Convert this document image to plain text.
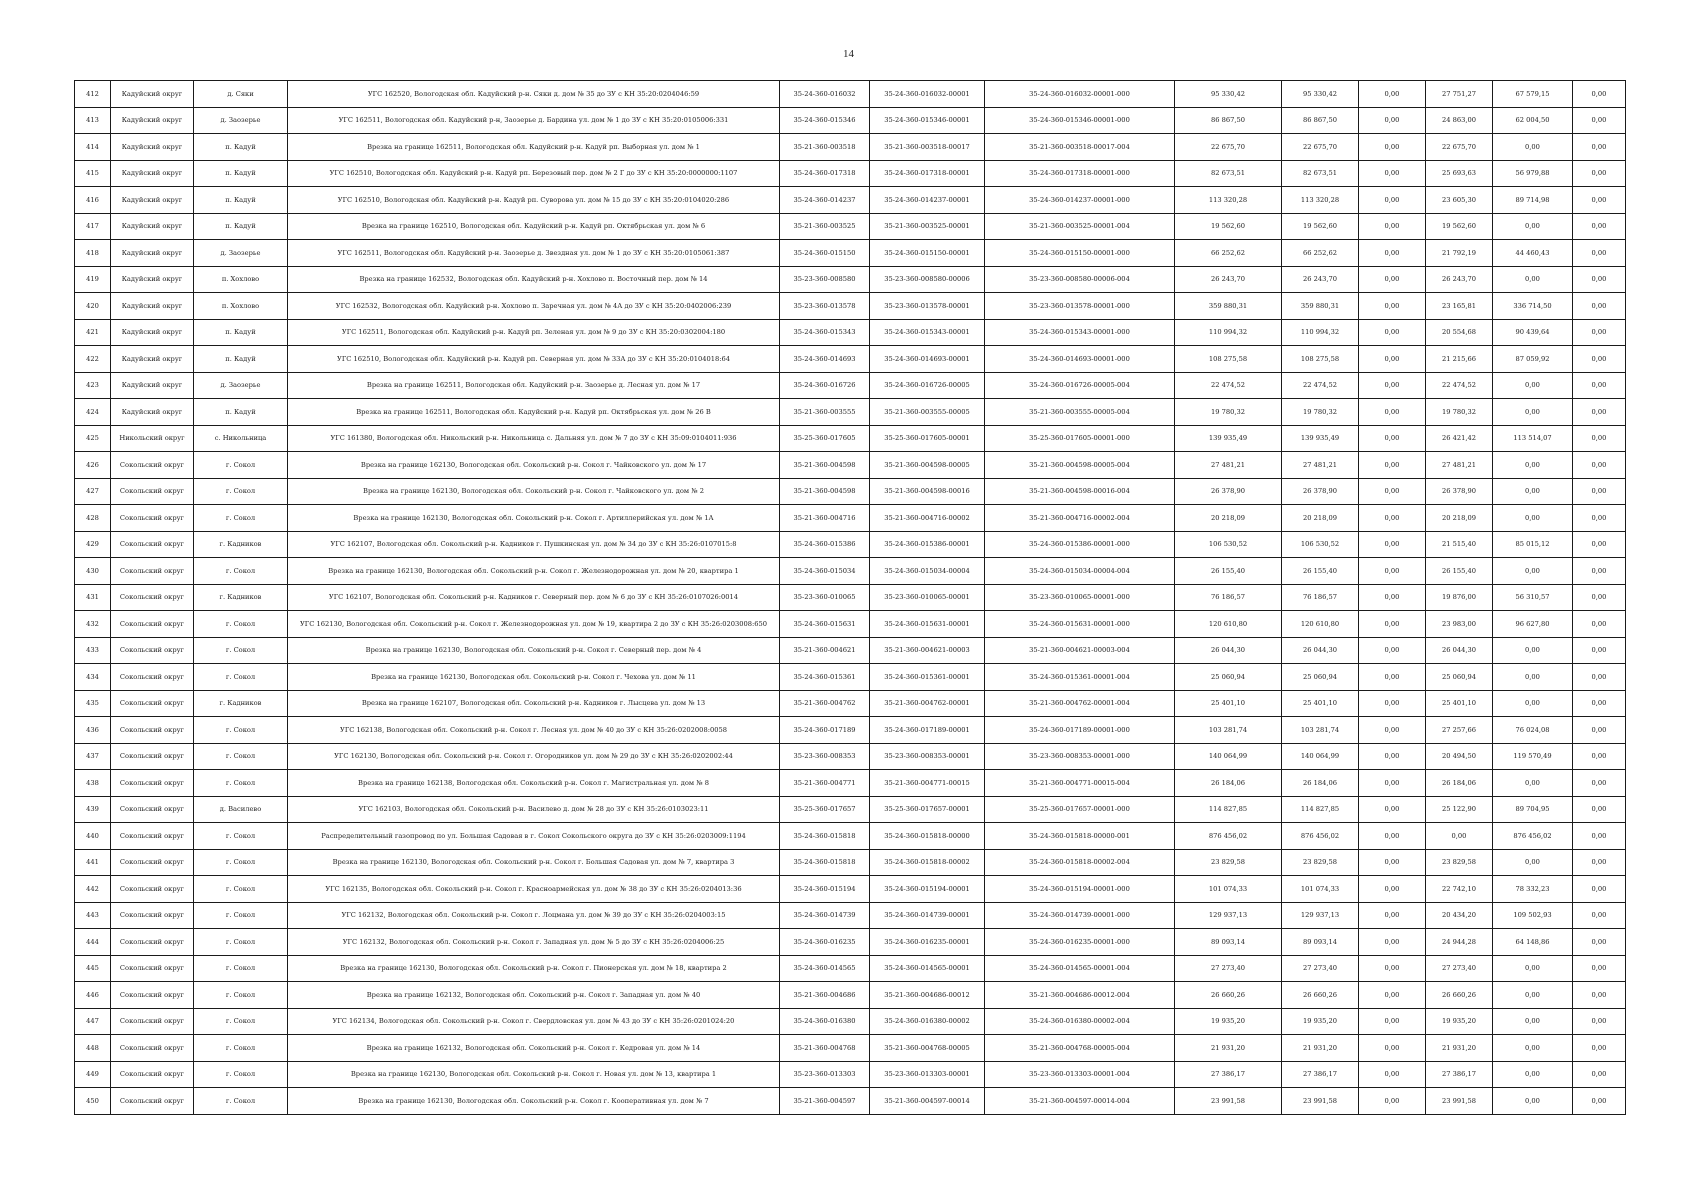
14
412	Кадуйский округ	д. Сяки	УГС 162520, Вологодская обл. Кадуйский р-н. Сяки д. дом № 35 до ЗУ с КН 35:20:0204046:59	35-24-360-016032	35-24-360-016032-00001	35-24-360-016032-00001-000	95 330,42	95 330,42	0,00	27 751,27	67 579,15	0,00
413	Кадуйский округ	д. Заозерье	УГС 162511, Вологодская обл. Кадуйский р-н, Заозерье д. Бардина ул. дом № 1 до ЗУ с КН 35:20:0105006:331	35-24-360-015346	35-24-360-015346-00001	35-24-360-015346-00001-000	86 867,50	86 867,50	0,00	24 863,00	62 004,50	0,00
414	Кадуйский округ	п. Кадуй	Врезка на границе 162511, Вологодская обл. Кадуйский р-н. Кадуй рп. Выборная ул. дом № 1	35-21-360-003518	35-21-360-003518-00017	35-21-360-003518-00017-004	22 675,70	22 675,70	0,00	22 675,70	0,00	0,00
415	Кадуйский округ	п. Кадуй	УГС 162510, Вологодская обл. Кадуйский р-н. Кадуй рп. Березовый пер. дом № 2 Г до ЗУ с КН 35:20:0000000:1107	35-24-360-017318	35-24-360-017318-00001	35-24-360-017318-00001-000	82 673,51	82 673,51	0,00	25 693,63	56 979,88	0,00
416	Кадуйский округ	п. Кадуй	УГС 162510, Вологодская обл. Кадуйский р-н. Кадуй рп. Суворова ул. дом № 15 до ЗУ с КН 35:20:0104020:286	35-24-360-014237	35-24-360-014237-00001	35-24-360-014237-00001-000	113 320,28	113 320,28	0,00	23 605,30	89 714,98	0,00
417	Кадуйский округ	п. Кадуй	Врезка на границе 162510, Вологодская обл. Кадуйский р-н. Кадуй рп. Октябрьская ул. дом № 6	35-21-360-003525	35-21-360-003525-00001	35-21-360-003525-00001-004	19 562,60	19 562,60	0,00	19 562,60	0,00	0,00
418	Кадуйский округ	д. Заозерье	УГС 162511, Вологодская обл. Кадуйский р-н. Заозерье д. Звездная ул. дом № 1 до ЗУ с КН 35:20:0105061:387	35-24-360-015150	35-24-360-015150-00001	35-24-360-015150-00001-000	66 252,62	66 252,62	0,00	21 792,19	44 460,43	0,00
419	Кадуйский округ	п. Хохлово	Врезка на границе 162532, Вологодская обл. Кадуйский р-н. Хохлово п. Восточный пер. дом № 14	35-23-360-008580	35-23-360-008580-00006	35-23-360-008580-00006-004	26 243,70	26 243,70	0,00	26 243,70	0,00	0,00
420	Кадуйский округ	п. Хохлово	УГС 162532, Вологодская обл. Кадуйский р-н. Хохлово п. Заречная ул. дом № 4А до ЗУ с КН 35:20:0402006:239	35-23-360-013578	35-23-360-013578-00001	35-23-360-013578-00001-000	359 880,31	359 880,31	0,00	23 165,81	336 714,50	0,00
421	Кадуйский округ	п. Кадуй	УГС 162511, Вологодская обл. Кадуйский р-н. Кадуй рп. Зеленая ул. дом № 9 до ЗУ с КН 35:20:0302004:180	35-24-360-015343	35-24-360-015343-00001	35-24-360-015343-00001-000	110 994,32	110 994,32	0,00	20 554,68	90 439,64	0,00
422	Кадуйский округ	п. Кадуй	УГС 162510, Вологодская обл. Кадуйский р-н. Кадуй рп. Северная ул. дом № 33А до ЗУ с КН 35:20:0104018:64	35-24-360-014693	35-24-360-014693-00001	35-24-360-014693-00001-000	108 275,58	108 275,58	0,00	21 215,66	87 059,92	0,00
423	Кадуйский округ	д. Заозерье	Врезка на границе 162511, Вологодская обл. Кадуйский р-н. Заозерье д. Лесная ул. дом № 17	35-24-360-016726	35-24-360-016726-00005	35-24-360-016726-00005-004	22 474,52	22 474,52	0,00	22 474,52	0,00	0,00
424	Кадуйский округ	п. Кадуй	Врезка на границе 162511, Вологодская обл. Кадуйский р-н. Кадуй рп. Октябрьская ул. дом № 26 В	35-21-360-003555	35-21-360-003555-00005	35-21-360-003555-00005-004	19 780,32	19 780,32	0,00	19 780,32	0,00	0,00
425	Никольский округ	с. Никольница	УГС 161380, Вологодская обл. Никольский р-н. Никольница с. Дальняя ул. дом № 7 до ЗУ с КН 35:09:0104011:936	35-25-360-017605	35-25-360-017605-00001	35-25-360-017605-00001-000	139 935,49	139 935,49	0,00	26 421,42	113 514,07	0,00
426	Сокольский округ	г. Сокол	Врезка на границе 162130, Вологодская обл. Сокольский р-н. Сокол г. Чайковского ул. дом № 17	35-21-360-004598	35-21-360-004598-00005	35-21-360-004598-00005-004	27 481,21	27 481,21	0,00	27 481,21	0,00	0,00
427	Сокольский округ	г. Сокол	Врезка на границе 162130, Вологодская обл. Сокольский р-н. Сокол г. Чайковского ул. дом № 2	35-21-360-004598	35-21-360-004598-00016	35-21-360-004598-00016-004	26 378,90	26 378,90	0,00	26 378,90	0,00	0,00
428	Сокольский округ	г. Сокол	Врезка на границе 162130, Вологодская обл. Сокольский р-н. Сокол г. Артиллерийская ул. дом № 1А	35-21-360-004716	35-21-360-004716-00002	35-21-360-004716-00002-004	20 218,09	20 218,09	0,00	20 218,09	0,00	0,00
429	Сокольский округ	г. Кадников	УГС 162107, Вологодская обл. Сокольский р-н. Кадников г. Пушкинская ул. дом № 34 до ЗУ с КН 35:26:0107015:8	35-24-360-015386	35-24-360-015386-00001	35-24-360-015386-00001-000	106 530,52	106 530,52	0,00	21 515,40	85 015,12	0,00
430	Сокольский округ	г. Сокол	Врезка на границе 162130, Вологодская обл. Сокольский р-н. Сокол г. Железнодорожная ул. дом № 20, квартира 1	35-24-360-015034	35-24-360-015034-00004	35-24-360-015034-00004-004	26 155,40	26 155,40	0,00	26 155,40	0,00	0,00
431	Сокольский округ	г. Кадников	УГС 162107, Вологодская обл. Сокольский р-н. Кадников г. Северный пер. дом № 6 до ЗУ с КН 35:26:0107026:0014	35-23-360-010065	35-23-360-010065-00001	35-23-360-010065-00001-000	76 186,57	76 186,57	0,00	19 876,00	56 310,57	0,00
432	Сокольский округ	г. Сокол	УГС 162130, Вологодская обл. Сокольский р-н. Сокол г. Железнодорожная ул. дом № 19, квартира 2 до ЗУ с КН 35:26:0203008:650	35-24-360-015631	35-24-360-015631-00001	35-24-360-015631-00001-000	120 610,80	120 610,80	0,00	23 983,00	96 627,80	0,00
433	Сокольский округ	г. Сокол	Врезка на границе 162130, Вологодская обл. Сокольский р-н. Сокол г. Северный пер. дом № 4	35-21-360-004621	35-21-360-004621-00003	35-21-360-004621-00003-004	26 044,30	26 044,30	0,00	26 044,30	0,00	0,00
434	Сокольский округ	г. Сокол	Врезка на границе 162130, Вологодская обл. Сокольский р-н. Сокол г. Чехова ул. дом № 11	35-24-360-015361	35-24-360-015361-00001	35-24-360-015361-00001-004	25 060,94	25 060,94	0,00	25 060,94	0,00	0,00
435	Сокольский округ	г. Кадников	Врезка на границе 162107, Вологодская обл. Сокольский р-н. Кадников г. Лысцева ул. дом № 13	35-21-360-004762	35-21-360-004762-00001	35-21-360-004762-00001-004	25 401,10	25 401,10	0,00	25 401,10	0,00	0,00
436	Сокольский округ	г. Сокол	УГС 162138, Вологодская обл. Сокольский р-н. Сокол г. Лесная ул. дом № 40 до ЗУ с КН 35:26:0202008:0058	35-24-360-017189	35-24-360-017189-00001	35-24-360-017189-00001-000	103 281,74	103 281,74	0,00	27 257,66	76 024,08	0,00
437	Сокольский округ	г. Сокол	УГС 162130, Вологодская обл. Сокольский р-н. Сокол г. Огородников ул. дом № 29 до ЗУ с КН 35:26:0202002:44	35-23-360-008353	35-23-360-008353-00001	35-23-360-008353-00001-000	140 064,99	140 064,99	0,00	20 494,50	119 570,49	0,00
438	Сокольский округ	г. Сокол	Врезка на границе 162138, Вологодская обл. Сокольский р-н. Сокол г. Магистральная ул. дом № 8	35-21-360-004771	35-21-360-004771-00015	35-21-360-004771-00015-004	26 184,06	26 184,06	0,00	26 184,06	0,00	0,00
439	Сокольский округ	д. Василево	УГС 162103, Вологодская обл. Сокольский р-н. Василево д. дом № 28 до ЗУ с КН 35:26:0103023:11	35-25-360-017657	35-25-360-017657-00001	35-25-360-017657-00001-000	114 827,85	114 827,85	0,00	25 122,90	89 704,95	0,00
440	Сокольский округ	г. Сокол	Распределительный газопровод по ул. Большая Садовая в г. Сокол Сокольского округа до ЗУ с КН 35:26:0203009:1194	35-24-360-015818	35-24-360-015818-00000	35-24-360-015818-00000-001	876 456,02	876 456,02	0,00	0,00	876 456,02	0,00
441	Сокольский округ	г. Сокол	Врезка на границе 162130, Вологодская обл. Сокольский р-н. Сокол г. Большая Садовая ул. дом № 7, квартира 3	35-24-360-015818	35-24-360-015818-00002	35-24-360-015818-00002-004	23 829,58	23 829,58	0,00	23 829,58	0,00	0,00
442	Сокольский округ	г. Сокол	УГС 162135, Вологодская обл. Сокольский р-н. Сокол г. Красноармейская ул. дом № 38 до ЗУ с КН 35:26:0204013:36	35-24-360-015194	35-24-360-015194-00001	35-24-360-015194-00001-000	101 074,33	101 074,33	0,00	22 742,10	78 332,23	0,00
443	Сокольский округ	г. Сокол	УГС 162132, Вологодская обл. Сокольский р-н. Сокол г. Лоцмана ул. дом № 39 до ЗУ с КН 35:26:0204003:15	35-24-360-014739	35-24-360-014739-00001	35-24-360-014739-00001-000	129 937,13	129 937,13	0,00	20 434,20	109 502,93	0,00
444	Сокольский округ	г. Сокол	УГС 162132, Вологодская обл. Сокольский р-н. Сокол г. Западная ул. дом № 5 до ЗУ с КН 35:26:0204006:25	35-24-360-016235	35-24-360-016235-00001	35-24-360-016235-00001-000	89 093,14	89 093,14	0,00	24 944,28	64 148,86	0,00
445	Сокольский округ	г. Сокол	Врезка на границе 162130, Вологодская обл. Сокольский р-н. Сокол г. Пионерская ул. дом № 18, квартира 2	35-24-360-014565	35-24-360-014565-00001	35-24-360-014565-00001-004	27 273,40	27 273,40	0,00	27 273,40	0,00	0,00
446	Сокольский округ	г. Сокол	Врезка на границе 162132, Вологодская обл. Сокольский р-н. Сокол г. Западная ул. дом № 40	35-21-360-004686	35-21-360-004686-00012	35-21-360-004686-00012-004	26 660,26	26 660,26	0,00	26 660,26	0,00	0,00
447	Сокольский округ	г. Сокол	УГС 162134, Вологодская обл. Сокольский р-н. Сокол г. Свердловская ул. дом № 43 до ЗУ с КН 35:26:0201024:20	35-24-360-016380	35-24-360-016380-00002	35-24-360-016380-00002-004	19 935,20	19 935,20	0,00	19 935,20	0,00	0,00
448	Сокольский округ	г. Сокол	Врезка на границе 162132, Вологодская обл. Сокольский р-н. Сокол г. Кедровая ул. дом № 14	35-21-360-004768	35-21-360-004768-00005	35-21-360-004768-00005-004	21 931,20	21 931,20	0,00	21 931,20	0,00	0,00
449	Сокольский округ	г. Сокол	Врезка на границе 162130, Вологодская обл. Сокольский р-н. Сокол г. Новая ул. дом № 13, квартира 1	35-23-360-013303	35-23-360-013303-00001	35-23-360-013303-00001-004	27 386,17	27 386,17	0,00	27 386,17	0,00	0,00
450	Сокольский округ	г. Сокол	Врезка на границе 162130, Вологодская обл. Сокольский р-н. Сокол г. Кооперативная ул. дом № 7	35-21-360-004597	35-21-360-004597-00014	35-21-360-004597-00014-004	23 991,58	23 991,58	0,00	23 991,58	0,00	0,00
